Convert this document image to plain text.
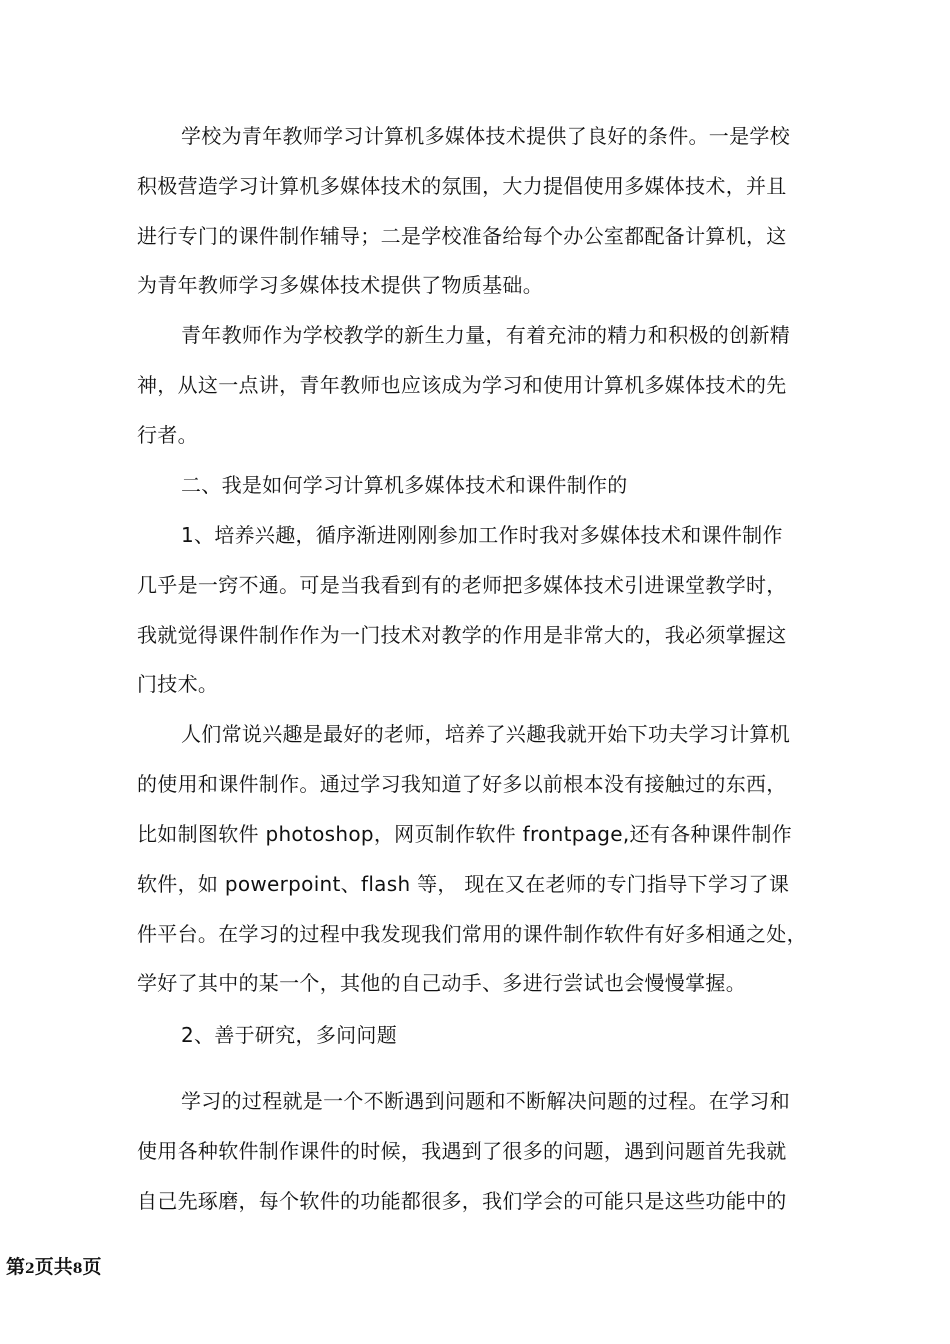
学校为青年教师学习计算机多媒体技术提供了良好的条件。一是学校
积极营造学习计算机多媒体技术的氛围，大力提倡使用多媒体技术，并且
进行专门的课件制作辅导；二是学校准备给每个办公室都配备计算机，这
为青年教师学习多媒体技术提供了物质基础。
青年教师作为学校教学的新生力量，有着充沛的精力和积极的创新精
神，从这一点讲，青年教师也应该成为学习和使用计算机多媒体技术的先
行者。
二、我是如何学习计算机多媒体技术和课件制作的
1、培养兴趣，循序渐进刚刚参加工作时我对多媒体技术和课件制作
几乎是一窍不通。可是当我看到有的老师把多媒体技术引进课堂教学时，
我就觉得课件制作作为一门技术对教学的作用是非常大的，我必须掌握这
门技术。
人们常说兴趣是最好的老师，培养了兴趣我就开始下功夫学习计算机
的使用和课件制作。通过学习我知道了好多以前根本没有接触过的东西，
比如制图软件 photoshop，网页制作软件 frontpage,还有各种课件制作
软件，如 powerpoint、flash 等， 现在又在老师的专门指导下学习了课
件平台。在学习的过程中我发现我们常用的课件制作软件有好多相通之处，
学好了其中的某一个，其他的自己动手、多进行尝试也会慢慢掌握。
2、善于研究，多问问题
学习的过程就是一个不断遇到问题和不断解决问题的过程。在学习和
使用各种软件制作课件的时候，我遇到了很多的问题，遇到问题首先我就
自己先琢磨，每个软件的功能都很多，我们学会的可能只是这些功能中的
第2页共8页
